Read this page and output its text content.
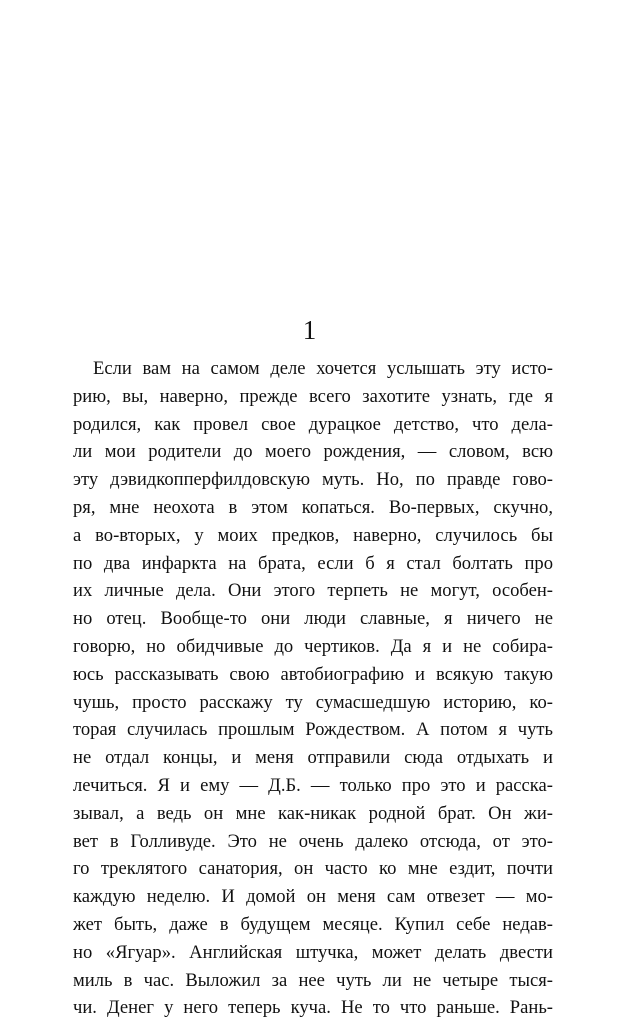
1
Если вам на самом деле хочется услышать эту исто-
рию, вы, наверно, прежде всего захотите узнать, где я
родился, как провел свое дурацкое детство, что дела-
ли мои родители до моего рождения, — словом, всю
эту дэвидкопперфилдовскую муть. Но, по правде гово-
ря, мне неохота в этом копаться. Во-первых, скучно,
а во-вторых, у моих предков, наверно, случилось бы
по два инфаркта на брата, если б я стал болтать про
их личные дела. Они этого терпеть не могут, особен-
но отец. Вообще-то они люди славные, я ничего не
говорю, но обидчивые до чертиков. Да я и не собира-
юсь рассказывать свою автобиографию и всякую такую
чушь, просто расскажу ту сумасшедшую историю, ко-
торая случилась прошлым Рождеством. А потом я чуть
не отдал концы, и меня отправили сюда отдыхать и
лечиться. Я и ему — Д.Б. — только про это и расска-
зывал, а ведь он мне как-никак родной брат. Он жи-
вет в Голливуде. Это не очень далеко отсюда, от это-
го треклятого санатория, он часто ко мне ездит, почти
каждую неделю. И домой он меня сам отвезет — мо-
жет быть, даже в будущем месяце. Купил себе недав-
но «Ягуар». Английская штучка, может делать двести
миль в час. Выложил за нее чуть ли не четыре тыся-
чи. Денег у него теперь куча. Не то что раньше. Рань-
